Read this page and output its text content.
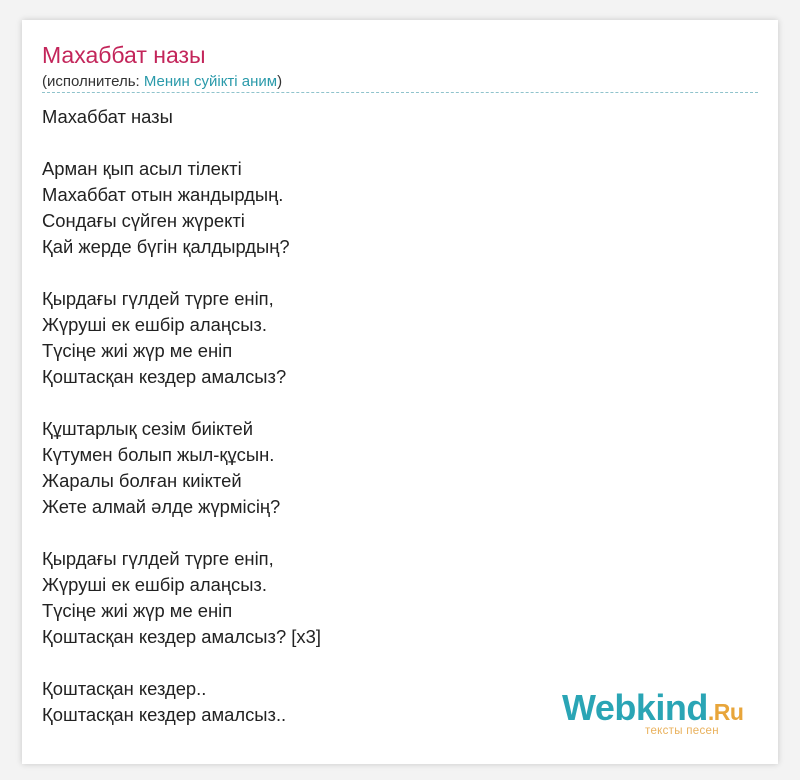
Махаббат назы
(исполнитель: Менин суйікті аним)
Махаббат назы

Арман қып асыл тілекті
Махаббат отын жандырдың.
Сондағы сүйген жүректі
Қай жерде бүгін қалдырдың?

Қырдағы гүлдей түрге еніп,
Жүруші ек ешбір алаңсыз.
Түсіңе жиі жүр ме еніп
Қоштасқан кездер амалсыз?

Құштарлық сезім биіктей
Күтумен болып жыл-құсын.
Жаралы болған киіктей
Жете алмай әлде жүрмісің?

Қырдағы гүлдей түрге еніп,
Жүруші ек ешбір алаңсыз.
Түсіңе жиі жүр ме еніп
Қоштасқан кездер амалсыз? [x3]

Қоштасқан кездер..
Қоштасқан кездер амалсыз..	Webkind.Ru
тексты песен
